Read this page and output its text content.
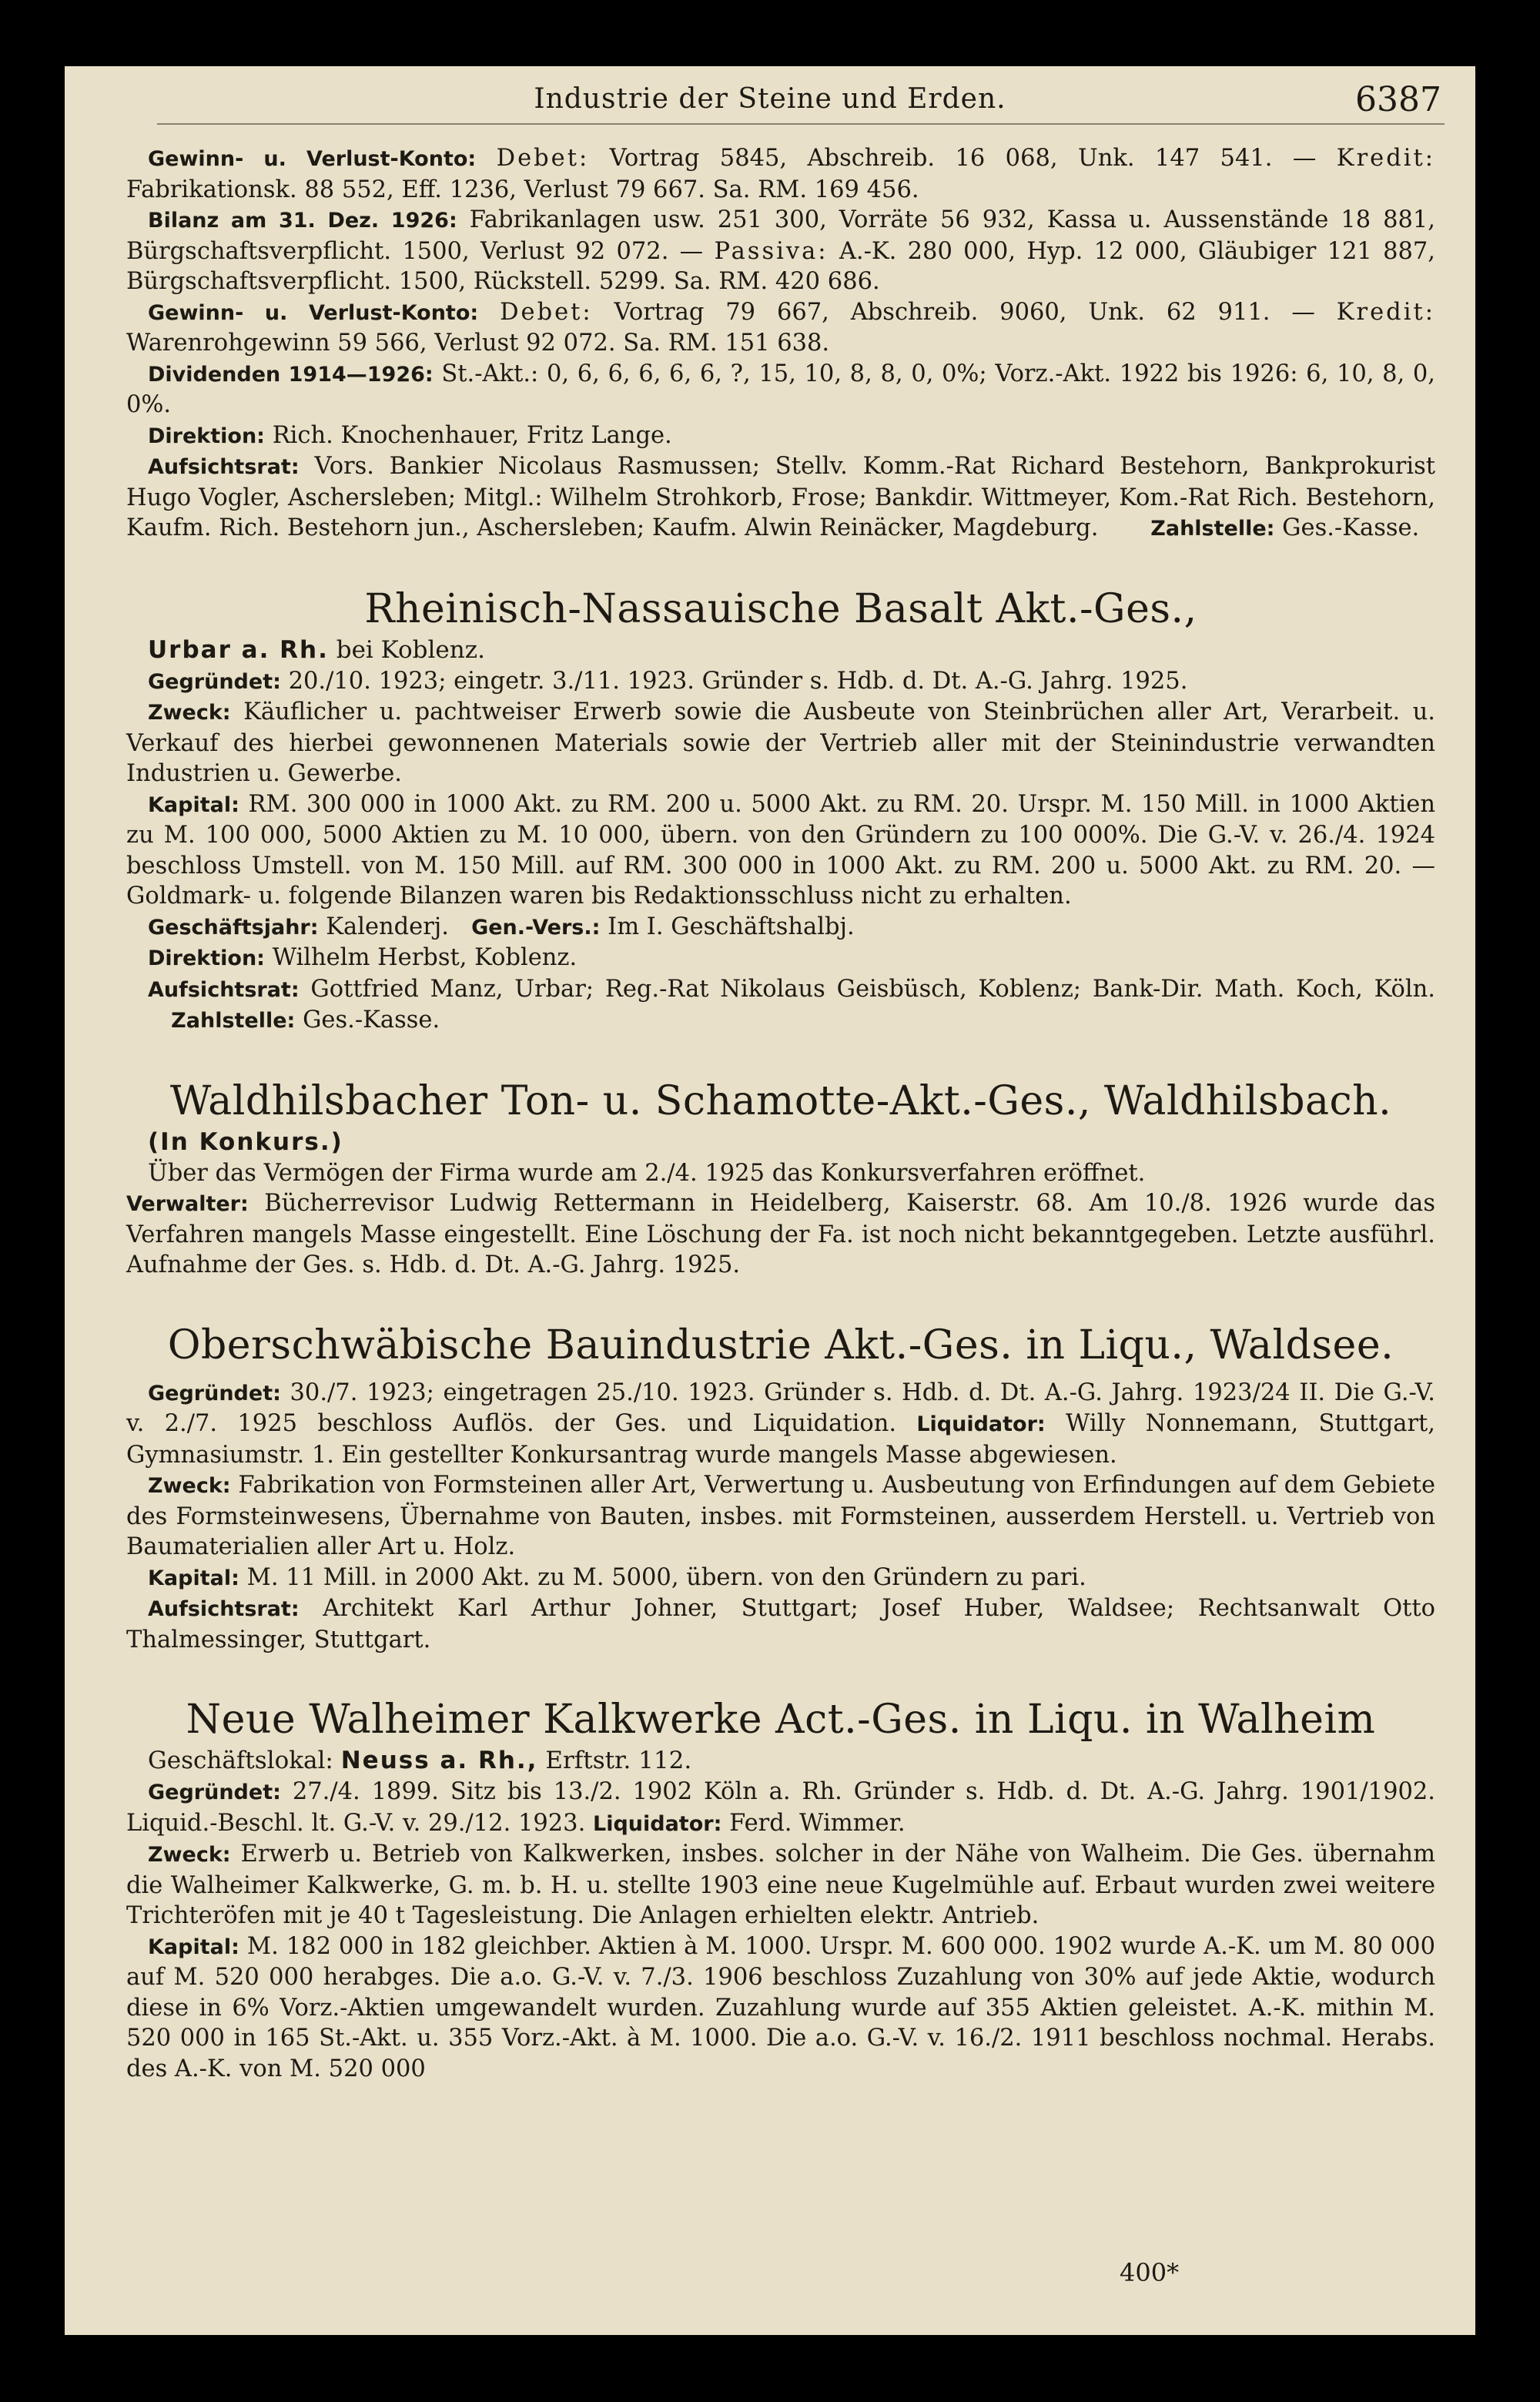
Industrie der Steine und Erden.	6387

Gewinn- u. Verlust-Konto: Debet: Vortrag 5845, Abschreib. 16 068, Unk. 147 541. — Kredit: Fabrikationsk. 88 552, Eff. 1236, Verlust 79 667. Sa. RM. 169 456.

Bilanz am 31. Dez. 1926: Fabrikanlagen usw. 251 300, Vorräte 56 932, Kassa u. Aussenstände 18 881, Bürgschaftsverpflicht. 1500, Verlust 92 072. — Passiva: A.-K. 280 000, Hyp. 12 000, Gläubiger 121 887, Bürgschaftsverpflicht. 1500, Rückstell. 5299. Sa. RM. 420 686.

Gewinn- u. Verlust-Konto: Debet: Vortrag 79 667, Abschreib. 9060, Unk. 62 911. — Kredit: Warenrohgewinn 59 566, Verlust 92 072. Sa. RM. 151 638.

Dividenden 1914—1926: St.-Akt.: 0, 6, 6, 6, 6, 6, ?, 15, 10, 8, 8, 0, 0%; Vorz.-Akt. 1922 bis 1926: 6, 10, 8, 0, 0%.

Direktion: Rich. Knochenhauer, Fritz Lange.

Aufsichtsrat: Vors. Bankier Nicolaus Rasmussen; Stellv. Komm.-Rat Richard Bestehorn, Bankprokurist Hugo Vogler, Aschersleben; Mitgl.: Wilhelm Strohkorb, Frose; Bankdir. Wittmeyer, Kom.-Rat Rich. Bestehorn, Kaufm. Rich. Bestehorn jun., Aschersleben; Kaufm. Alwin Reinäcker, Magdeburg.	Zahlstelle: Ges.-Kasse.

Rheinisch-Nassauische Basalt Akt.-Ges.,

Urbar a. Rh. bei Koblenz.

Gegründet: 20./10. 1923; eingetr. 3./11. 1923. Gründer s. Hdb. d. Dt. A.-G. Jahrg. 1925.

Zweck: Käuflicher u. pachtweiser Erwerb sowie die Ausbeute von Steinbrüchen aller Art, Verarbeit. u. Verkauf des hierbei gewonnenen Materials sowie der Vertrieb aller mit der Steinindustrie verwandten Industrien u. Gewerbe.

Kapital: RM. 300 000 in 1000 Akt. zu RM. 200 u. 5000 Akt. zu RM. 20. Urspr. M. 150 Mill. in 1000 Aktien zu M. 100 000, 5000 Aktien zu M. 10 000, übern. von den Gründern zu 100 000%. Die G.-V. v. 26./4. 1924 beschloss Umstell. von M. 150 Mill. auf RM. 300 000 in 1000 Akt. zu RM. 200 u. 5000 Akt. zu RM. 20. — Goldmark- u. folgende Bilanzen waren bis Redaktionsschluss nicht zu erhalten.

Geschäftsjahr: Kalenderj. Gen.-Vers.: Im I. Geschäftshalbj.

Direktion: Wilhelm Herbst, Koblenz.

Aufsichtsrat: Gottfried Manz, Urbar; Reg.-Rat Nikolaus Geisbüsch, Koblenz; Bank-Dir. Math. Koch, Köln.       Zahlstelle: Ges.-Kasse.

Waldhilsbacher Ton- u. Schamotte-Akt.-Ges., Waldhilsbach.

(In Konkurs.)

Über das Vermögen der Firma wurde am 2./4. 1925 das Konkursverfahren eröffnet.

Verwalter: Bücherrevisor Ludwig Rettermann in Heidelberg, Kaiserstr. 68. Am 10./8. 1926 wurde das Verfahren mangels Masse eingestellt. Eine Löschung der Fa. ist noch nicht bekanntgegeben. Letzte ausführl. Aufnahme der Ges. s. Hdb. d. Dt. A.-G. Jahrg. 1925.

Oberschwäbische Bauindustrie Akt.-Ges. in Liqu., Waldsee.

Gegründet: 30./7. 1923; eingetragen 25./10. 1923. Gründer s. Hdb. d. Dt. A.-G. Jahrg. 1923/24 II. Die G.-V. v. 2./7. 1925 beschloss Auflös. der Ges. und Liquidation. Liquidator: Willy Nonnemann, Stuttgart, Gymnasiumstr. 1. Ein gestellter Konkursantrag wurde mangels Masse abgewiesen.

Zweck: Fabrikation von Formsteinen aller Art, Verwertung u. Ausbeutung von Erfindungen auf dem Gebiete des Formsteinwesens, Übernahme von Bauten, insbes. mit Formsteinen, ausserdem Herstell. u. Vertrieb von Baumaterialien aller Art u. Holz.

Kapital: M. 11 Mill. in 2000 Akt. zu M. 5000, übern. von den Gründern zu pari.

Aufsichtsrat: Architekt Karl Arthur Johner, Stuttgart; Josef Huber, Waldsee; Rechtsanwalt Otto Thalmessinger, Stuttgart.

Neue Walheimer Kalkwerke Act.-Ges. in Liqu. in Walheim

Geschäftslokal: Neuss a. Rh., Erftstr. 112.

Gegründet: 27./4. 1899. Sitz bis 13./2. 1902 Köln a. Rh. Gründer s. Hdb. d. Dt. A.-G. Jahrg. 1901/1902. Liquid.-Beschl. lt. G.-V. v. 29./12. 1923. Liquidator: Ferd. Wimmer.

Zweck: Erwerb u. Betrieb von Kalkwerken, insbes. solcher in der Nähe von Walheim. Die Ges. übernahm die Walheimer Kalkwerke, G. m. b. H. u. stellte 1903 eine neue Kugelmühle auf. Erbaut wurden zwei weitere Trichteröfen mit je 40 t Tagesleistung. Die Anlagen erhielten elektr. Antrieb.

Kapital: M. 182 000 in 182 gleichber. Aktien à M. 1000. Urspr. M. 600 000. 1902 wurde A.-K. um M. 80 000 auf M. 520 000 herabges. Die a.o. G.-V. v. 7./3. 1906 beschloss Zuzahlung von 30% auf jede Aktie, wodurch diese in 6% Vorz.-Aktien umgewandelt wurden. Zuzahlung wurde auf 355 Aktien geleistet. A.-K. mithin M. 520 000 in 165 St.-Akt. u. 355 Vorz.-Akt. à M. 1000. Die a.o. G.-V. v. 16./2. 1911 beschloss nochmal. Herabs. des A.-K. von M. 520 000

400*
